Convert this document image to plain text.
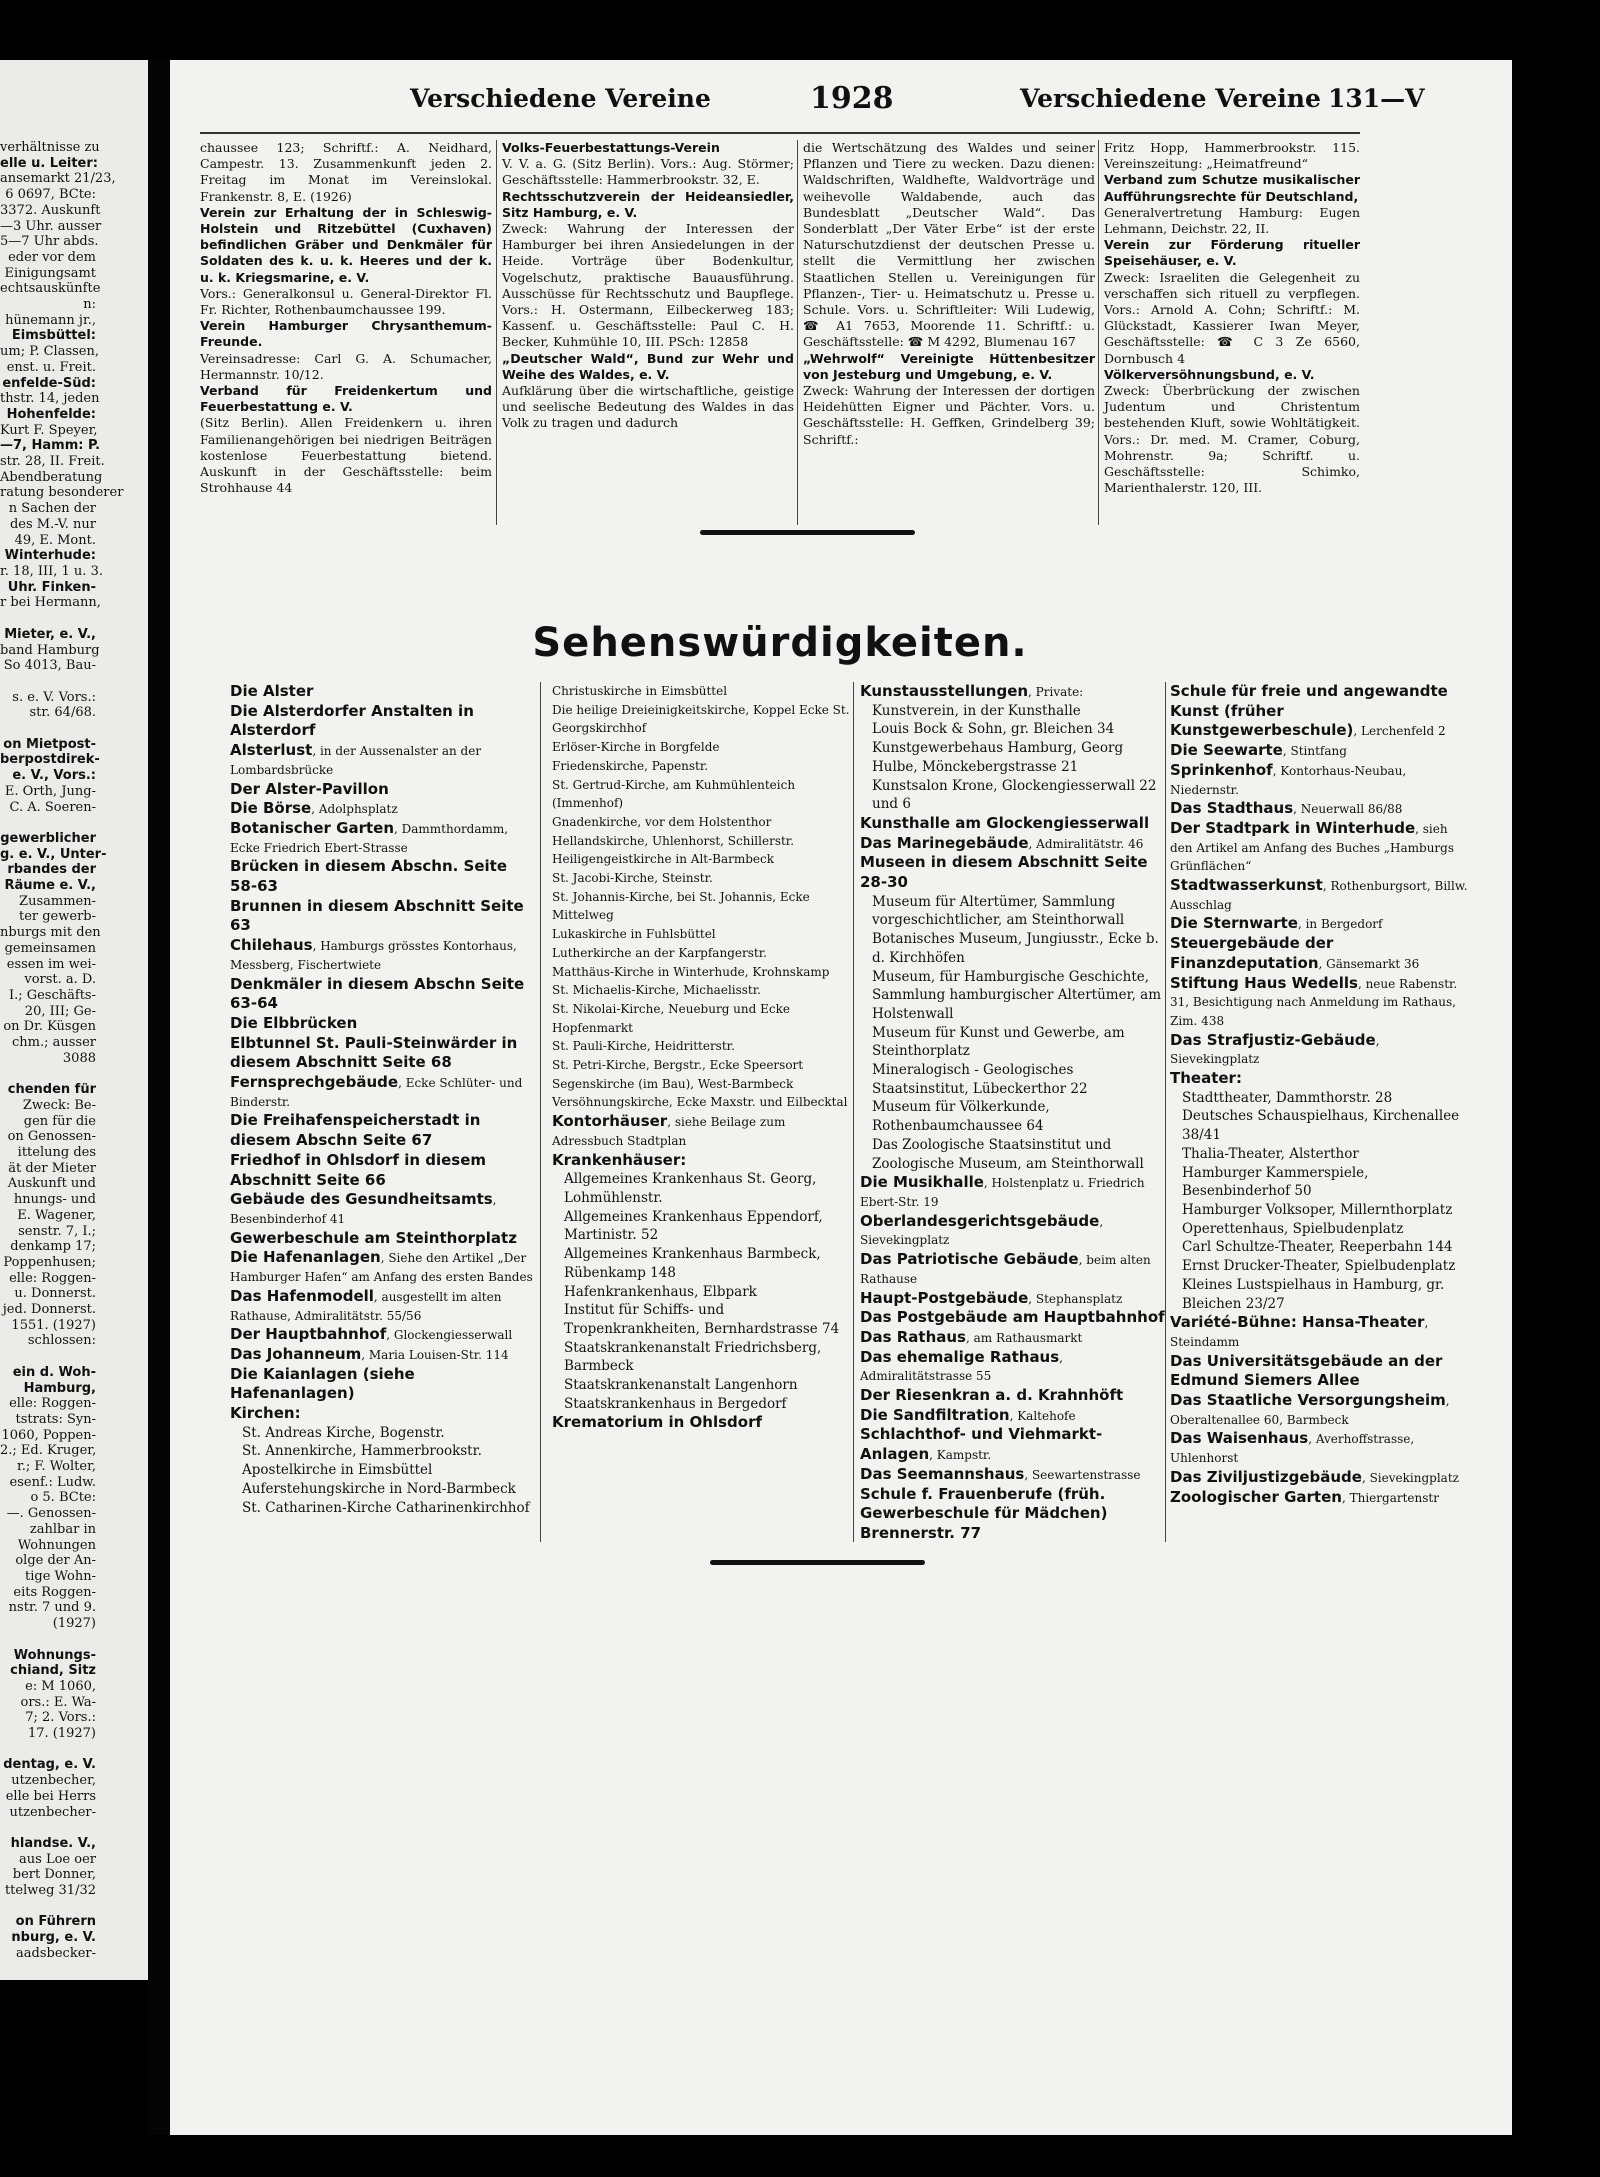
verhältnisse zu
elle u. Leiter:
ansemarkt 21/23,
6 0697, BCte:
3372. Auskunft
—3 Uhr. ausser
5—7 Uhr abds.
eder vor dem
Einigungsamt
echtsauskünfte
n:
hünemann jr.,
Eimsbüttel:
um; P. Classen,
enst. u. Freit.
enfelde-Süd:
thstr. 14, jeden
Hohenfelde:
Kurt F. Speyer,
—7, Hamm: P.
str. 28, II. Freit.
Abendberatung
ratung besonderer
n Sachen der
des M.-V. nur
49, E. Mont.
Winterhude:
r. 18, III, 1 u. 3.
Uhr. Finken-
r bei Hermann,

Mieter, e. V.,
band Hamburg
So 4013, Bau-

s. e. V. Vors.:
str. 64/68.

on Mietpost-
berpostdirek-
e. V., Vors.:
E. Orth, Jung-
C. A. Soeren-

gewerblicher
g. e. V., Unter-
rbandes der
Räume e. V.,
Zusammen-
ter gewerb-
nburgs mit den
gemeinsamen
essen im wei-
vorst. a. D.
I.; Geschäfts-
20, III; Ge-
on Dr. Küsgen
chm.; ausser
3088

chenden für
Zweck: Be-
gen für die
on Genossen-
ittelung des
ät der Mieter
Auskunft und
hnungs- und
E. Wagener,
senstr. 7, I.;
denkamp 17;
Poppenhusen;
elle: Roggen-
u. Donnerst.
jed. Donnerst.
1551. (1927)
schlossen:

ein d. Woh-
Hamburg,
elle: Roggen-
tstrats: Syn-
1060, Poppen-
2.; Ed. Kruger,
r.; F. Wolter,
esenf.: Ludw.
o 5. BCte:
—. Genossen-
zahlbar in
Wohnungen
olge der An-
tige Wohn-
eits Roggen-
nstr. 7 und 9.
(1927)

Wohnungs-
chiand, Sitz
e: M 1060,
ors.: E. Wa-
7; 2. Vors.:
17. (1927)

dentag, e. V.
utzenbecher,
elle bei Herrs
utzenbecher-

hlandse. V.,
aus Loe oer
bert Donner,
ttelweg 31/32

on Führern
nburg, e. V.
aadsbecker-
Verschiedene Vereine	1928	Verschiedene Vereine 131—V
chaussee 123; Schriftf.: A. Neidhard, Campestr. 13. Zusammenkunft jeden 2. Freitag im Monat im Vereinslokal. Frankenstr. 8, E. (1926)
Verein zur Erhaltung der in Schleswig-Holstein und Ritzebüttel (Cuxhaven) befindlichen Gräber und Denkmäler für Soldaten des k. u. k. Heeres und der k. u. k. Kriegsmarine, e. V.
Vors.: Generalkonsul u. General-Direktor Fl. Fr. Richter, Rothenbaumchaussee 199.
Verein Hamburger Chrysanthemum-Freunde.
Vereinsadresse: Carl G. A. Schumacher, Hermannstr. 10/12.
Verband für Freidenkertum und Feuerbestattung e. V.
(Sitz Berlin). Allen Freidenkern u. ihren Familienangehörigen bei niedrigen Beiträgen kostenlose Feuerbestattung bietend. Auskunft in der Geschäftsstelle: beim Strohhause 44
Volks-Feuerbestattungs-Verein
V. V. a. G. (Sitz Berlin). Vors.: Aug. Störmer; Geschäftsstelle: Hammerbrookstr. 32, E.
Rechtsschutzverein der Heideansiedler, Sitz Hamburg, e. V.
Zweck: Wahrung der Interessen der Hamburger bei ihren Ansiedelungen in der Heide. Vorträge über Bodenkultur, Vogelschutz, praktische Bauausführung. Ausschüsse für Rechtsschutz und Baupflege. Vors.: H. Ostermann, Eilbeckerweg 183; Kassenf. u. Geschäftsstelle: Paul C. H. Becker, Kuhmühle 10, III. PSch: 12858
„Deutscher Wald“, Bund zur Wehr und Weihe des Waldes, e. V.
Aufklärung über die wirtschaftliche, geistige und seelische Bedeutung des Waldes in das Volk zu tragen und dadurch
die Wertschätzung des Waldes und seiner Pflanzen und Tiere zu wecken. Dazu dienen: Waldschriften, Waldhefte, Waldvorträge und weihevolle Waldabende, auch das Bundesblatt „Deutscher Wald“. Das Sonderblatt „Der Väter Erbe“ ist der erste Naturschutzdienst der deutschen Presse u. stellt die Vermittlung her zwischen Staatlichen Stellen u. Vereinigungen für Pflanzen-, Tier- u. Heimatschutz u. Presse u. Schule. Vors. u. Schriftleiter: Wili Ludewig, ☎ A1 7653, Moorende 11. Schriftf.: u. Geschäftsstelle: ☎ M 4292, Blumenau 167
„Wehrwolf“ Vereinigte Hüttenbesitzer von Jesteburg und Umgebung, e. V.
Zweck: Wahrung der Interessen der dortigen Heidehütten Eigner und Pächter. Vors. u. Geschäftsstelle: H. Geffken, Grindelberg 39; Schriftf.:
Fritz Hopp, Hammerbrookstr. 115. Vereinszeitung: „Heimatfreund“
Verband zum Schutze musikalischer Aufführungsrechte für Deutschland,
Generalvertretung Hamburg: Eugen Lehmann, Deichstr. 22, II.
Verein zur Förderung ritueller Speisehäuser, e. V.
Zweck: Israeliten die Gelegenheit zu verschaffen sich rituell zu verpflegen. Vors.: Arnold A. Cohn; Schriftf.: M. Glückstadt, Kassierer Iwan Meyer, Geschäftsstelle: ☎ C 3 Ze 6560, Dornbusch 4
Völkerversöhnungsbund, e. V.
Zweck: Überbrückung der zwischen Judentum und Christentum bestehenden Kluft, sowie Wohltätigkeit. Vors.: Dr. med. M. Cramer, Coburg, Mohrenstr. 9a; Schriftf. u. Geschäftsstelle: Schimko, Marienthalerstr. 120, III.
Sehenswürdigkeiten.
Die Alster
Die Alsterdorfer Anstalten in Alsterdorf
Alsterlust, in der Aussenalster an der Lombardsbrücke
Der Alster-Pavillon
Die Börse, Adolphsplatz
Botanischer Garten, Dammthordamm, Ecke Friedrich Ebert-Strasse
Brücken in diesem Abschn. Seite 58-63
Brunnen in diesem Abschnitt Seite 63
Chilehaus, Hamburgs grösstes Kontorhaus, Messberg, Fischertwiete
Denkmäler in diesem Abschn Seite 63-64
Die Elbbrücken
Elbtunnel St. Pauli-Steinwärder in diesem Abschnitt Seite 68
Fernsprechgebäude, Ecke Schlüter- und Binderstr.
Die Freihafenspeicherstadt in diesem Abschn Seite 67
Friedhof in Ohlsdorf in diesem Abschnitt Seite 66
Gebäude des Gesundheitsamts, Besenbinderhof 41
Gewerbeschule am Steinthorplatz
Die Hafenanlagen, Siehe den Artikel „Der Hamburger Hafen“ am Anfang des ersten Bandes
Das Hafenmodell, ausgestellt im alten Rathause, Admiralitätstr. 55/56
Der Hauptbahnhof, Glockengiesserwall
Das Johanneum, Maria Louisen-Str. 114
Die Kaianlagen (siehe Hafenanlagen)
Kirchen:
St. Andreas Kirche, Bogenstr.
St. Annenkirche, Hammerbrookstr.
Apostelkirche in Eimsbüttel
Auferstehungskirche in Nord-Barmbeck
St. Catharinen-Kirche Catharinenkirchhof
Christuskirche in Eimsbüttel
Die heilige Dreieinigkeitskirche, Koppel Ecke St. Georgskirchhof
Erlöser-Kirche in Borgfelde
Friedenskirche, Papenstr.
St. Gertrud-Kirche, am Kuhmühlenteich (Immenhof)
Gnadenkirche, vor dem Holstenthor
Hellandskirche, Uhlenhorst, Schillerstr.
Heiligengeistkirche in Alt-Barmbeck
St. Jacobi-Kirche, Steinstr.
St. Johannis-Kirche, bei St. Johannis, Ecke Mittelweg
Lukaskirche in Fuhlsbüttel
Lutherkirche an der Karpfangerstr.
Matthäus-Kirche in Winterhude, Krohnskamp
St. Michaelis-Kirche, Michaelisstr.
St. Nikolai-Kirche, Neueburg und Ecke Hopfenmarkt
St. Pauli-Kirche, Heidritterstr.
St. Petri-Kirche, Bergstr., Ecke Speersort
Segenskirche (im Bau), West-Barmbeck
Versöhnungskirche, Ecke Maxstr. und Eilbecktal
Kontorhäuser, siehe Beilage zum Adressbuch Stadtplan
Krankenhäuser:
Allgemeines Krankenhaus St. Georg, Lohmühlenstr.
Allgemeines Krankenhaus Eppendorf, Martinistr. 52
Allgemeines Krankenhaus Barmbeck, Rübenkamp 148
Hafenkrankenhaus, Elbpark
Institut für Schiffs- und Tropenkrankheiten, Bernhardstrasse 74
Staatskrankenanstalt Friedrichsberg, Barmbeck
Staatskrankenanstalt Langenhorn
Staatskrankenhaus in Bergedorf
Krematorium in Ohlsdorf
Kunstausstellungen, Private:
Kunstverein, in der Kunsthalle
Louis Bock & Sohn, gr. Bleichen 34
Kunstgewerbehaus Hamburg, Georg Hulbe, Mönckebergstrasse 21
Kunstsalon Krone, Glockengiesserwall 22 und 6
Kunsthalle am Glockengiesserwall
Das Marinegebäude, Admiralitätstr. 46
Museen in diesem Abschnitt Seite 28-30
Museum für Altertümer, Sammlung vorgeschichtlicher, am Steinthorwall
Botanisches Museum, Jungiusstr., Ecke b. d. Kirchhöfen
Museum, für Hamburgische Geschichte, Sammlung hamburgischer Altertümer, am Holstenwall
Museum für Kunst und Gewerbe, am Steinthorplatz
Mineralogisch - Geologisches Staatsinstitut, Lübeckerthor 22
Museum für Völkerkunde, Rothenbaumchaussee 64
Das Zoologische Staatsinstitut und Zoologische Museum, am Steinthorwall
Die Musikhalle, Holstenplatz u. Friedrich Ebert-Str. 19
Oberlandesgerichtsgebäude, Sievekingplatz
Das Patriotische Gebäude, beim alten Rathause
Haupt-Postgebäude, Stephansplatz
Das Postgebäude am Hauptbahnhof
Das Rathaus, am Rathausmarkt
Das ehemalige Rathaus, Admiralitätstrasse 55
Der Riesenkran a. d. Krahnhöft
Die Sandfiltration, Kaltehofe
Schlachthof- und Viehmarkt-Anlagen, Kampstr.
Das Seemannshaus, Seewartenstrasse
Schule f. Frauenberufe (früh. Gewerbeschule für Mädchen) Brennerstr. 77
Schule für freie und angewandte Kunst (früher Kunstgewerbeschule), Lerchenfeld 2
Die Seewarte, Stintfang
Sprinkenhof, Kontorhaus-Neubau, Niedernstr.
Das Stadthaus, Neuerwall 86/88
Der Stadtpark in Winterhude, sieh den Artikel am Anfang des Buches „Hamburgs Grünflächen“
Stadtwasserkunst, Rothenburgsort, Billw. Ausschlag
Die Sternwarte, in Bergedorf
Steuergebäude der Finanzdeputation, Gänsemarkt 36
Stiftung Haus Wedells, neue Rabenstr. 31, Besichtigung nach Anmeldung im Rathaus, Zim. 438
Das Strafjustiz-Gebäude, Sievekingplatz
Theater:
Stadttheater, Dammthorstr. 28
Deutsches Schauspielhaus, Kirchenallee 38/41
Thalia-Theater, Alsterthor
Hamburger Kammerspiele, Besenbinderhof 50
Hamburger Volksoper, Millernthorplatz
Operettenhaus, Spielbudenplatz
Carl Schultze-Theater, Reeperbahn 144
Ernst Drucker-Theater, Spielbudenplatz
Kleines Lustspielhaus in Hamburg, gr. Bleichen 23/27
Variété-Bühne: Hansa-Theater, Steindamm
Das Universitätsgebäude an der Edmund Siemers Allee
Das Staatliche Versorgungsheim, Oberaltenallee 60, Barmbeck
Das Waisenhaus, Averhoffstrasse, Uhlenhorst
Das Ziviljustizgebäude, Sievekingplatz
Zoologischer Garten, Thiergartenstr
